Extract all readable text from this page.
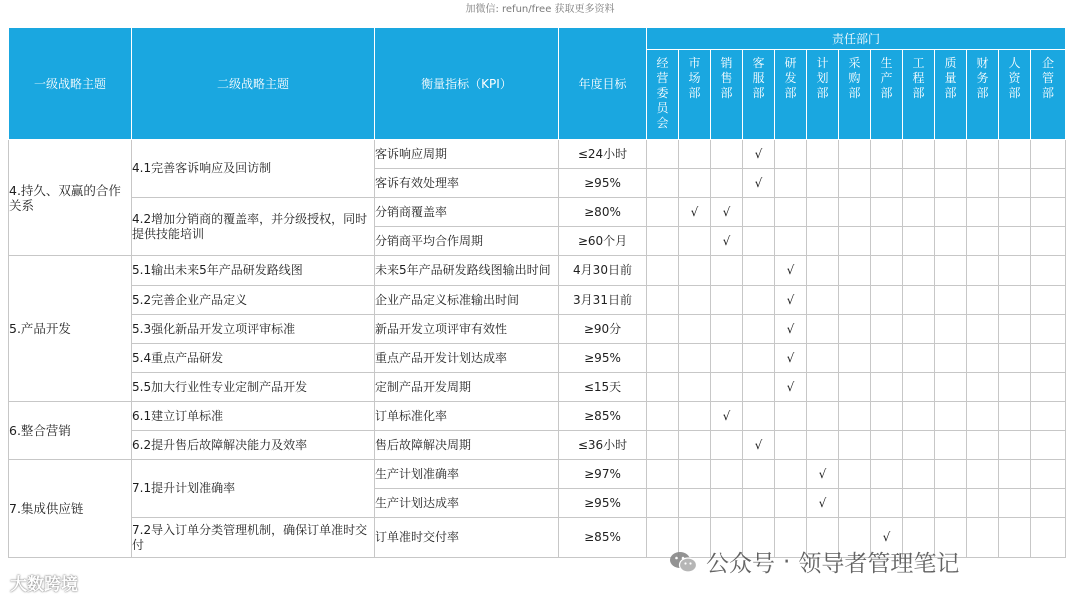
加微信: refun/free 获取更多资料
一级战略主题	二级战略主题	衡量指标（KPI）	年度目标	责任部门												
				经营委员会	市场部	销售部	客服部	研发部	计划部	采购部	生产部	工程部	质量部	财务部	人资部	企管部
4.持久、双赢的合作关系	4.1完善客诉响应及回访制	客诉响应周期	≤24小时				√									
		客诉有效处理率	≥95%				√									
	4.2增加分销商的覆盖率，并分级授权，同时提供技能培训	分销商覆盖率	≥80%		√	√										
		分销商平均合作周期	≥60个月			√										
5.产品开发	5.1输出未来5年产品研发路线图	未来5年产品研发路线图输出时间	4月30日前					√								
	5.2完善企业产品定义	企业产品定义标准输出时间	3月31日前					√								
	5.3强化新品开发立项评审标准	新品开发立项评审有效性	≥90分					√								
	5.4重点产品研发	重点产品开发计划达成率	≥95%					√								
	5.5加大行业性专业定制产品开发	定制产品开发周期	≤15天					√								
6.整合营销	6.1建立订单标准	订单标准化率	≥85%			√										
	6.2提升售后故障解决能力及效率	售后故障解决周期	≤36小时				√									
7.集成供应链	7.1提升计划准确率	生产计划准确率	≥97%						√							
		生产计划达成率	≥95%						√							
	7.2导入订单分类管理机制，确保订单准时交付	订单准时交付率	≥85%								√					
大数跨境
公众号 · 领导者管理笔记
